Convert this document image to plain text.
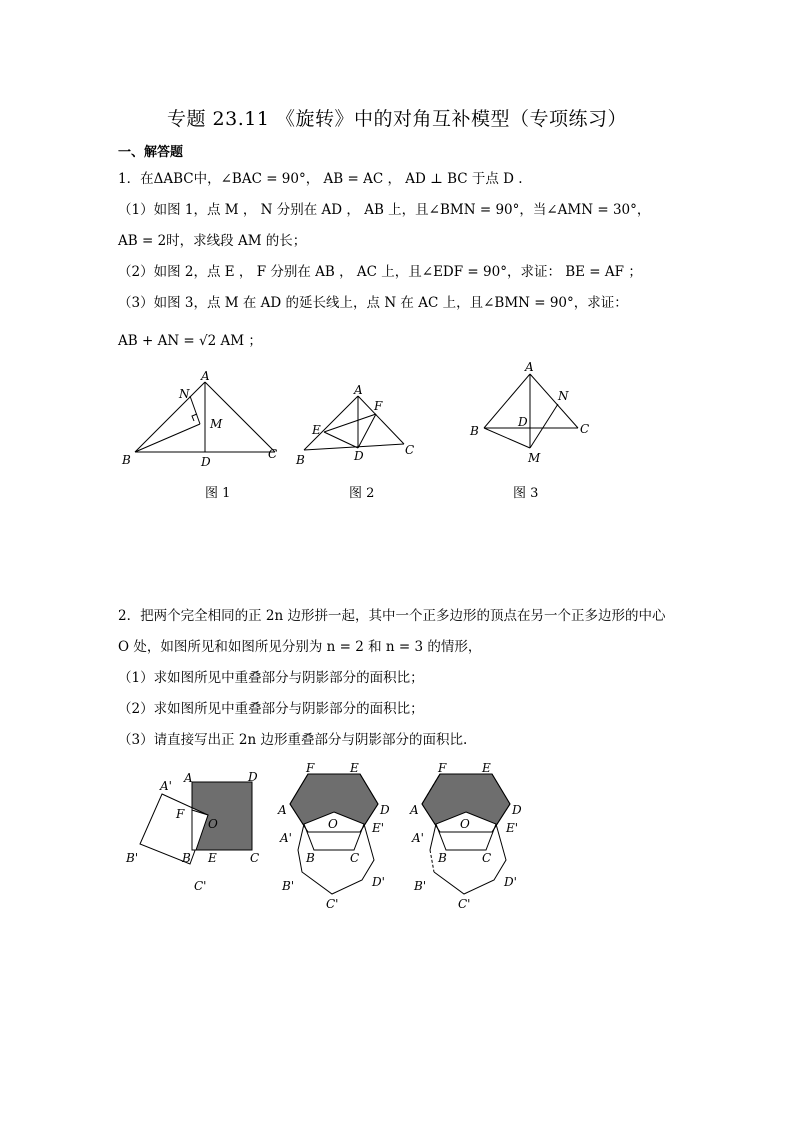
专题 23.11 《旋转》中的对角互补模型（专项练习）
一、解答题
1．在ΔABC中，∠BAC = 90°， AB = AC ， AD ⊥ BC 于点 D .
（1）如图 1，点 M ， N 分别在 AD ， AB 上，且∠BMN = 90°，当∠AMN = 30°，
AB = 2时，求线段 AM 的长；
（2）如图 2，点 E ， F 分别在 AB ， AC 上，且∠EDF = 90°，求证： BE = AF ；
（3）如图 3，点 M 在 AD 的延长线上，点 N 在 AC 上，且∠BMN = 90°，求证：
AB + AN = √2 AM ；
A
N
M
B	D
C
图 1
A
F
E
B	D	C
图 2
A
N
D
B	C
M
图 3
2．把两个完全相同的正 2n 边形拼一起，其中一个正多边形的顶点在另一个正多边形的中心
O 处，如图所见和如图所见分别为 n = 2 和 n = 3 的情形，
（1）求如图所见中重叠部分与阴影部分的面积比；
（2）求如图所见中重叠部分与阴影部分的面积比；
（3）请直接写出正 2n 边形重叠部分与阴影部分的面积比.
A'
A	D
F
O
B'	B E	C
C'
F	E
A	D
O	E'
A'
B	C
B'	D'
C'
F	E
A	D
O	E'
A'
B	C
B'	D'
C'
